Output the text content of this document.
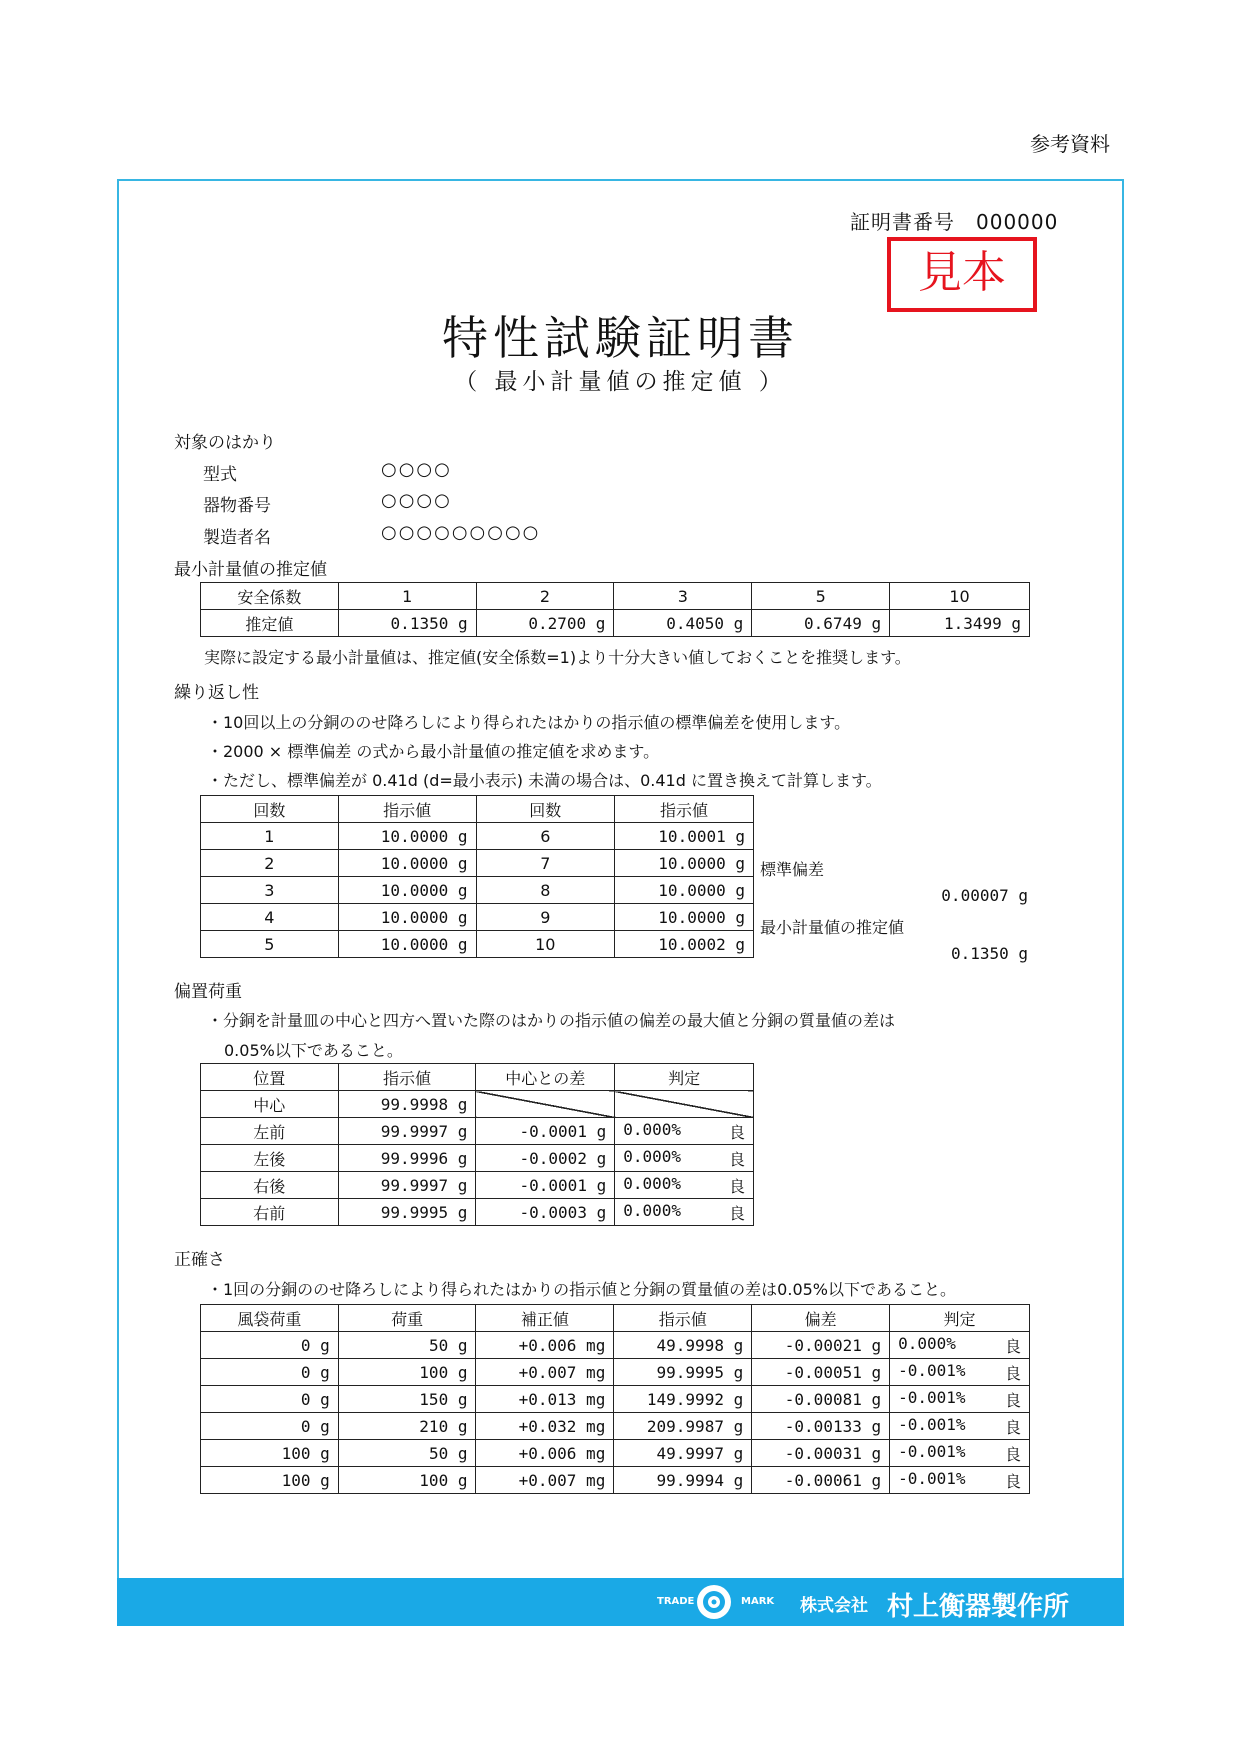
参考資料
証明書番号　000000
見本
特性試験証明書
（ 最小計量値の推定値 ）
対象のはかり
型式	○○○○
器物番号	○○○○
製造者名	○○○○○○○○○
最小計量値の推定値
安全係数	1	2	3	5	10
推定値	0.1350 g	0.2700 g	0.4050 g	0.6749 g	1.3499 g
実際に設定する最小計量値は、推定値(安全係数=1)より十分大きい値しておくことを推奨します。
繰り返し性
・10回以上の分銅ののせ降ろしにより得られたはかりの指示値の標準偏差を使用します。
・2000 × 標準偏差 の式から最小計量値の推定値を求めます。
・ただし、標準偏差が 0.41d (d=最小表示) 未満の場合は、0.41d に置き換えて計算します。
回数	指示値	回数	指示値
1	10.0000 g	6	10.0001 g
2	10.0000 g	7	10.0000 g
3	10.0000 g	8	10.0000 g
4	10.0000 g	9	10.0000 g
5	10.0000 g	10	10.0002 g
標準偏差
0.00007 g
最小計量値の推定値
0.1350 g
偏置荷重
・分銅を計量皿の中心と四方へ置いた際のはかりの指示値の偏差の最大値と分銅の質量値の差は
0.05%以下であること。
位置	指示値	中心との差	判定
中心	99.9998 g		
左前	99.9997 g	-0.0001 g	0.000% 良

左後	99.9996 g	-0.0002 g	0.000% 良

右後	99.9997 g	-0.0001 g	0.000% 良

右前	99.9995 g	-0.0003 g	0.000% 良
正確さ
・1回の分銅ののせ降ろしにより得られたはかりの指示値と分銅の質量値の差は0.05%以下であること。
風袋荷重	荷重	補正値	指示値	偏差	判定
0 g	50 g	+0.006 mg	49.9998 g	-0.00021 g	0.000% 良

0 g	100 g	+0.007 mg	99.9995 g	-0.00051 g	-0.001% 良

0 g	150 g	+0.013 mg	149.9992 g	-0.00081 g	-0.001% 良

0 g	210 g	+0.032 mg	209.9987 g	-0.00133 g	-0.001% 良

100 g	50 g	+0.006 mg	49.9997 g	-0.00031 g	-0.001% 良

100 g	100 g	+0.007 mg	99.9994 g	-0.00061 g	-0.001% 良
TRADE	MARK 株式会社 村上衡器製作所
